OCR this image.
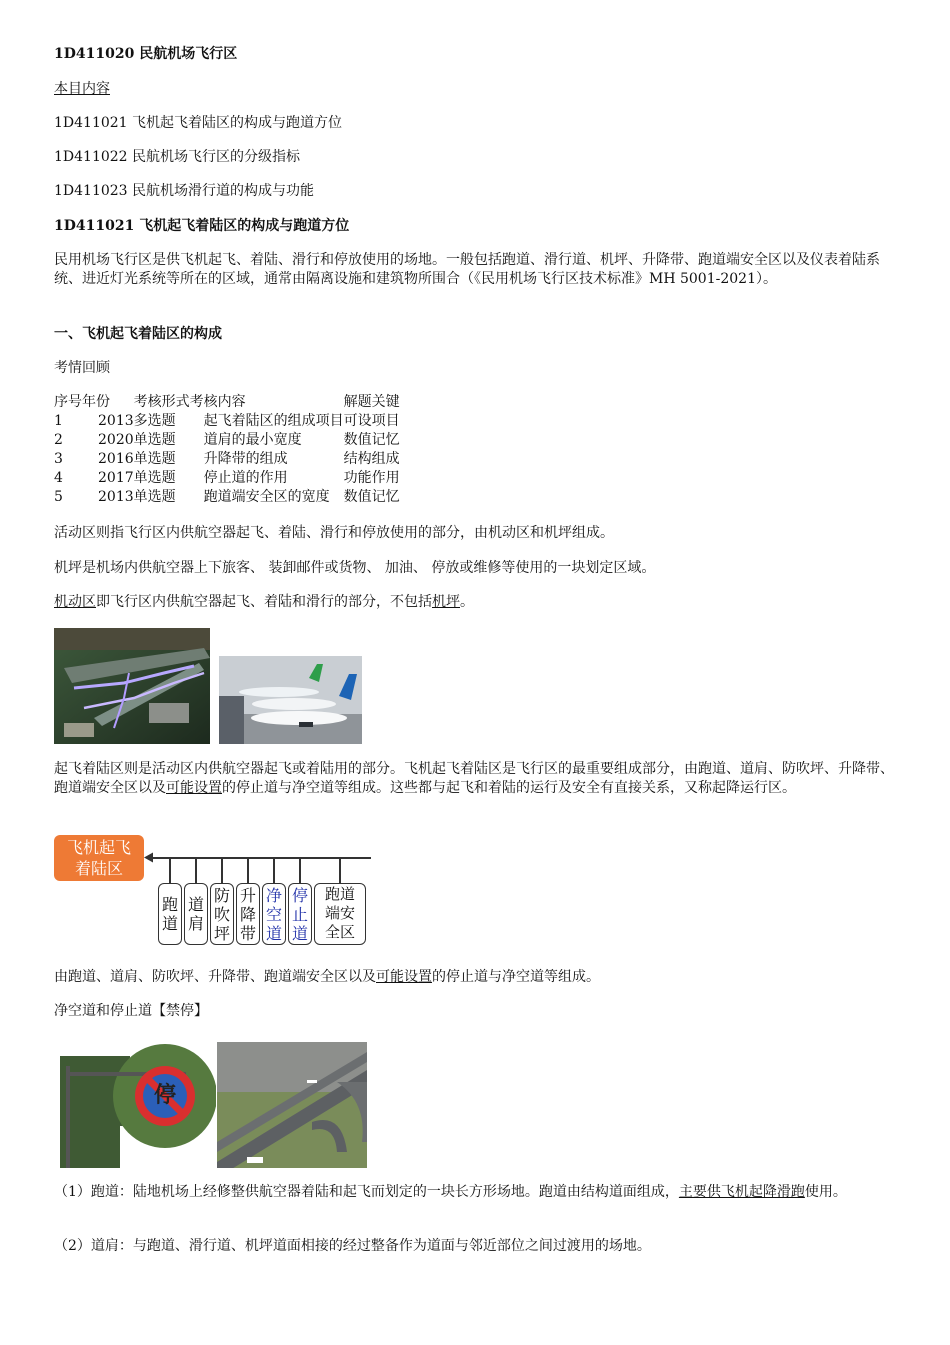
1D411020 民航机场飞行区
本目内容
1D411021 飞机起飞着陆区的构成与跑道方位
1D411022 民航机场飞行区的分级指标
1D411023 民航机场滑行道的构成与功能
1D411021 飞机起飞着陆区的构成与跑道方位
民用机场飞行区是供飞机起飞、着陆、滑行和停放使用的场地。一般包括跑道、滑行道、机坪、升降带、跑道端安全区以及仪表着陆系统、进近灯光系统等所在的区域，通常由隔离设施和建筑物所围合（《民用机场飞行区技术标准》MH 5001-2021）。
一、飞机起飞着陆区的构成
考情回顾
序号	年份	考核形式	考核内容	解题关键
1	2013	多选题	起飞着陆区的组成项目	可设项目
2	2020	单选题	道肩的最小宽度	数值记忆
3	2016	单选题	升降带的组成	结构组成
4	2017	单选题	停止道的作用	功能作用
5	2013	单选题	跑道端安全区的宽度	数值记忆
活动区则指飞行区内供航空器起飞、着陆、滑行和停放使用的部分，由机动区和机坪组成。
机坪是机场内供航空器上下旅客、 装卸邮件或货物、 加油、 停放或维修等使用的一块划定区域。
机动区即飞行区内供航空器起飞、着陆和滑行的部分，不包括机坪。
起飞着陆区则是活动区内供航空器起飞或着陆用的部分。飞机起飞着陆区是飞行区的最重要组成部分，由跑道、道肩、防吹坪、升降带、跑道端安全区以及可能设置的停止道与净空道等组成。这些都与起飞和着陆的运行及安全有直接关系，又称起降运行区。
飞机起飞
着陆区
跑
道
道
肩
防
吹
坪
升
降
带
净
空
道
停
止
道
跑道
端安
全区
由跑道、道肩、防吹坪、升降带、跑道端安全区以及可能设置的停止道与净空道等组成。
净空道和停止道【禁停】
停
（1）跑道：陆地机场上经修整供航空器着陆和起飞而划定的一块长方形场地。跑道由结构道面组成，主要供飞机起降滑跑使用。
（2）道肩：与跑道、滑行道、机坪道面相接的经过整备作为道面与邻近部位之间过渡用的场地。
